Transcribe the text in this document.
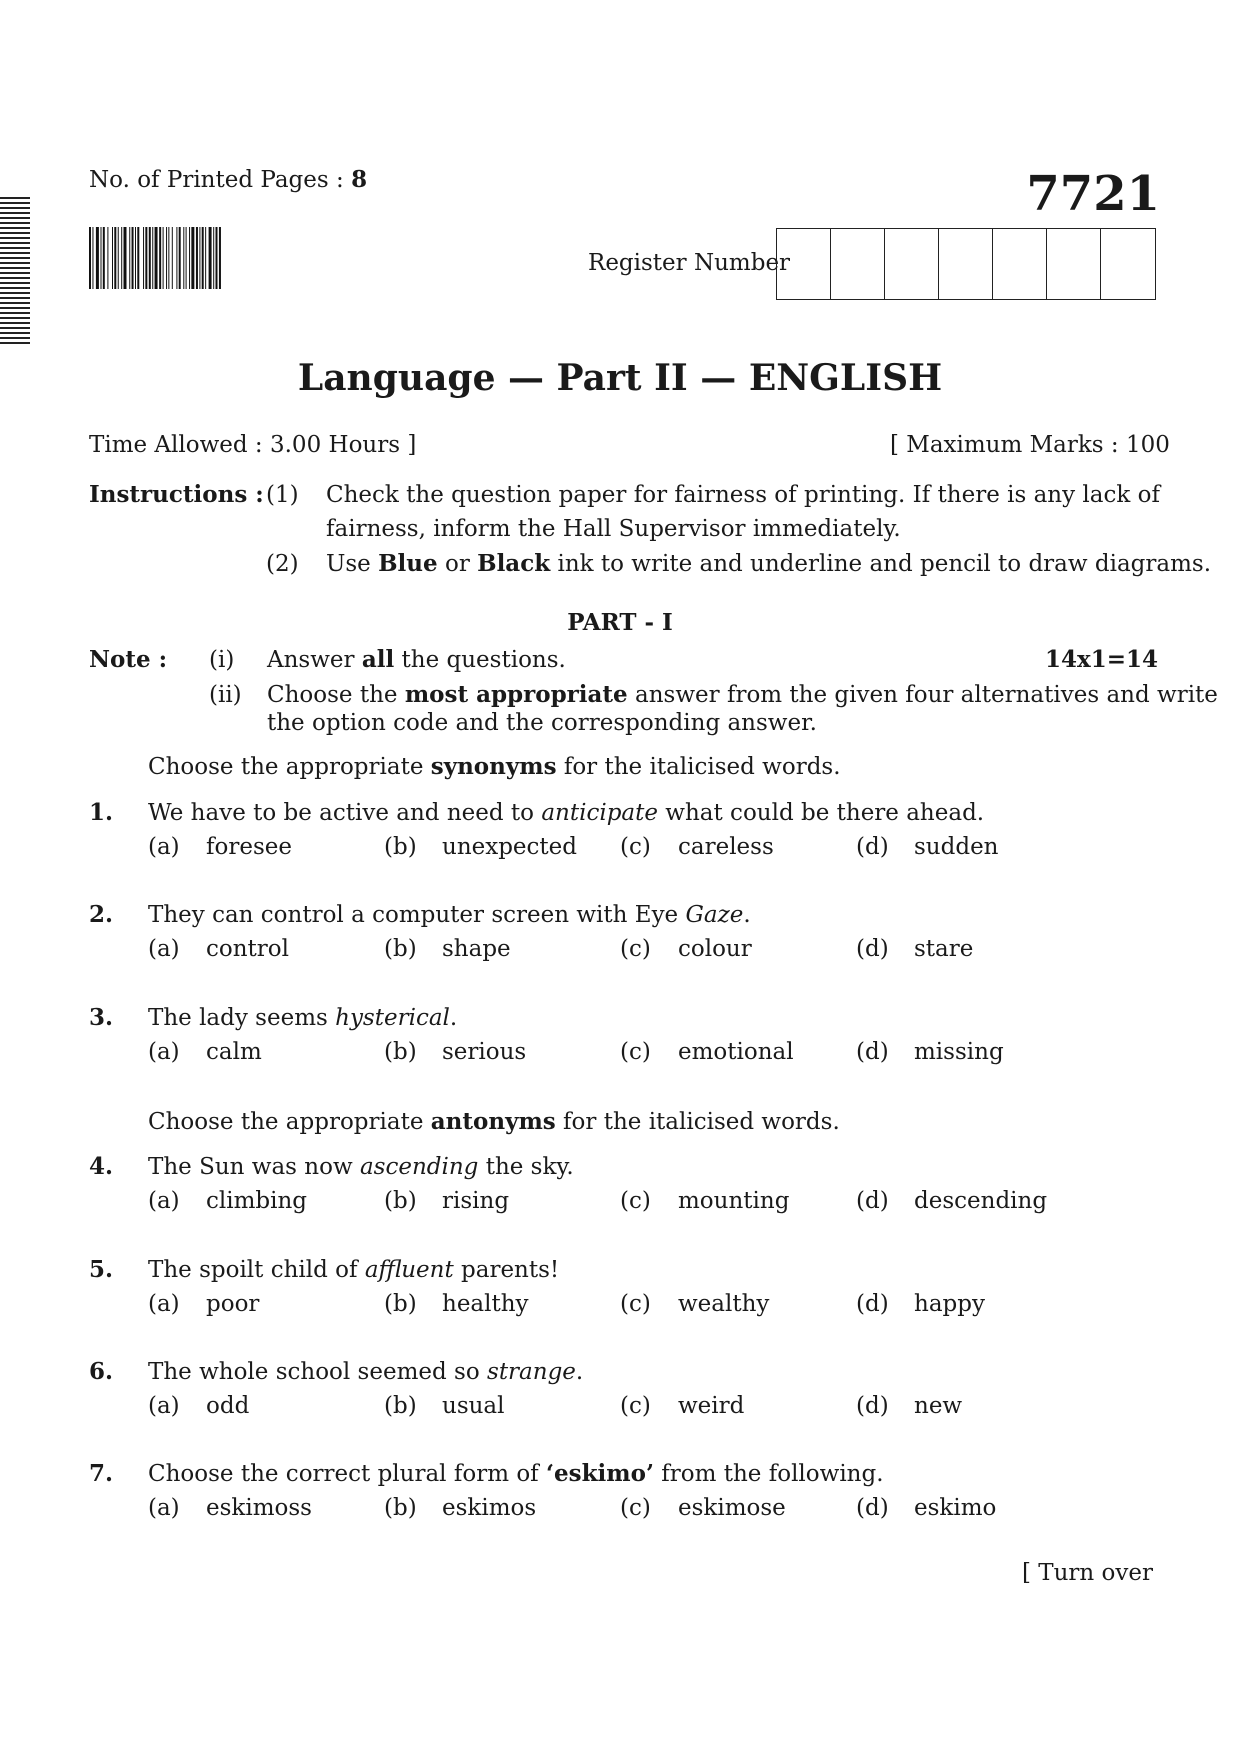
No. of Printed Pages : 8	7721
Register Number
Language — Part II — ENGLISH
Time Allowed : 3.00 Hours ]	[ Maximum Marks : 100
Instructions : (1) Check the question paper for fairness of printing. If there is any lack of
fairness, inform the Hall Supervisor immediately.
(2) Use Blue or Black ink to write and underline and pencil to draw diagrams.
PART - I
Note : (i) Answer all the questions.	14x1=14
(ii) Choose the most appropriate answer from the given four alternatives and write
the option code and the corresponding answer.
Choose the appropriate synonyms for the italicised words.
Choose the appropriate antonyms for the italicised words.
1. We have to be active and need to anticipate what could be there ahead.
(a) foresee	(b) unexpected (c) careless	(d) sudden
2. They can control a computer screen with Eye Gaze.
(a) control	(b) shape	(c) colour	(d) stare
3. The lady seems hysterical.
(a) calm	(b) serious	(c) emotional	(d) missing
4. The Sun was now ascending the sky.
(a) climbing	(b) rising	(c) mounting	(d) descending
5. The spoilt child of affluent parents!
(a) poor	(b) healthy	(c) wealthy	(d) happy
6. The whole school seemed so strange.
(a) odd	(b) usual	(c) weird	(d) new
7. Choose the correct plural form of ‘eskimo’ from the following.
(a) eskimoss	(b) eskimos	(c) eskimose	(d) eskimo
[ Turn over
